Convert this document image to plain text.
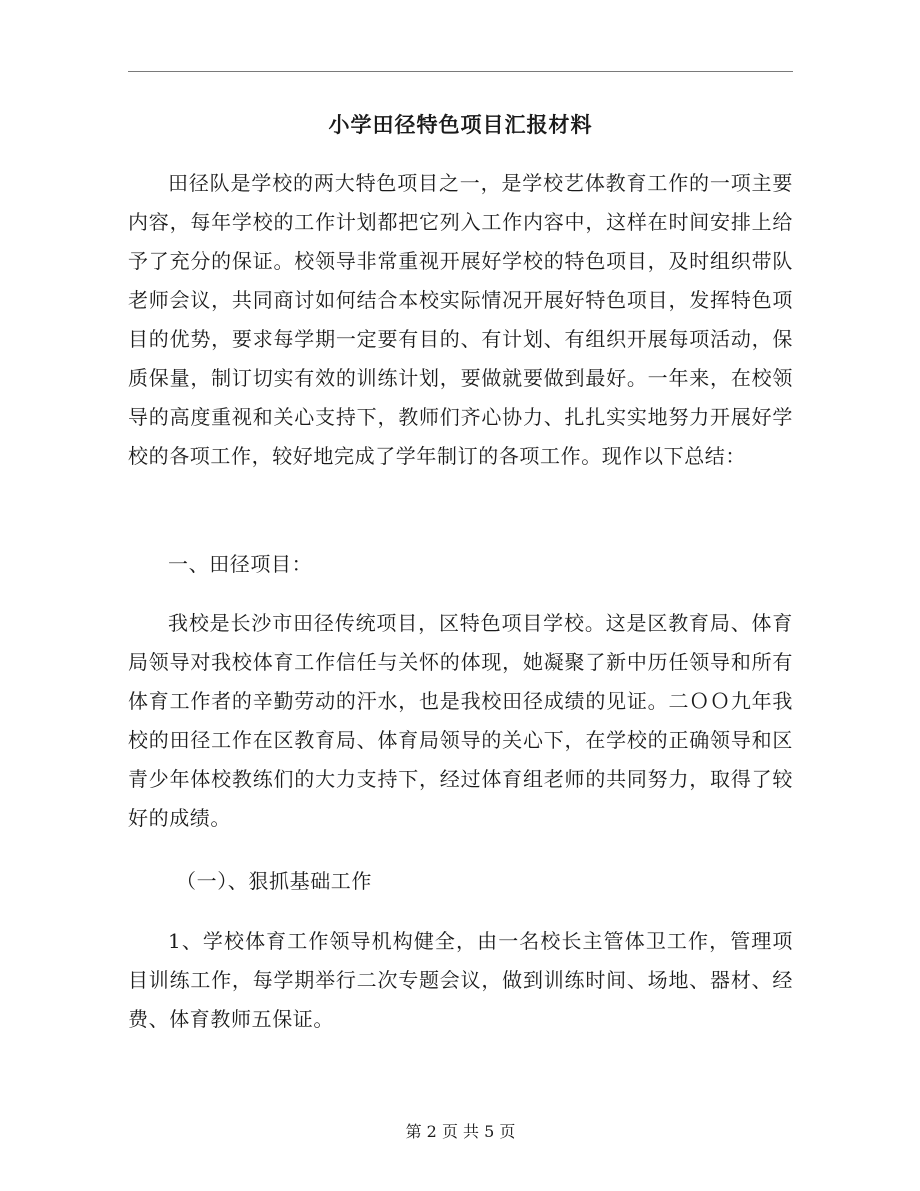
小学田径特色项目汇报材料

田径队是学校的两大特色项目之一，是学校艺体教育工作的一项主要内容，每年学校的工作计划都把它列入工作内容中，这样在时间安排上给予了充分的保证。校领导非常重视开展好学校的特色项目，及时组织带队老师会议，共同商讨如何结合本校实际情况开展好特色项目，发挥特色项目的优势，要求每学期一定要有目的、有计划、有组织开展每项活动，保质保量，制订切实有效的训练计划，要做就要做到最好。一年来，在校领导的高度重视和关心支持下，教师们齐心协力、扎扎实实地努力开展好学校的各项工作，较好地完成了学年制订的各项工作。现作以下总结：

一、田径项目：

我校是长沙市田径传统项目，区特色项目学校。这是区教育局、体育局领导对我校体育工作信任与关怀的体现，她凝聚了新中历任领导和所有体育工作者的辛勤劳动的汗水，也是我校田径成绩的见证。二ＯＯ九年我校的田径工作在区教育局、体育局领导的关心下，在学校的正确领导和区青少年体校教练们的大力支持下，经过体育组老师的共同努力，取得了较好的成绩。

（一）、狠抓基础工作

1、学校体育工作领导机构健全，由一名校长主管体卫工作，管理项目训练工作，每学期举行二次专题会议，做到训练时间、场地、器材、经费、体育教师五保证。

第 2 页 共 5 页
